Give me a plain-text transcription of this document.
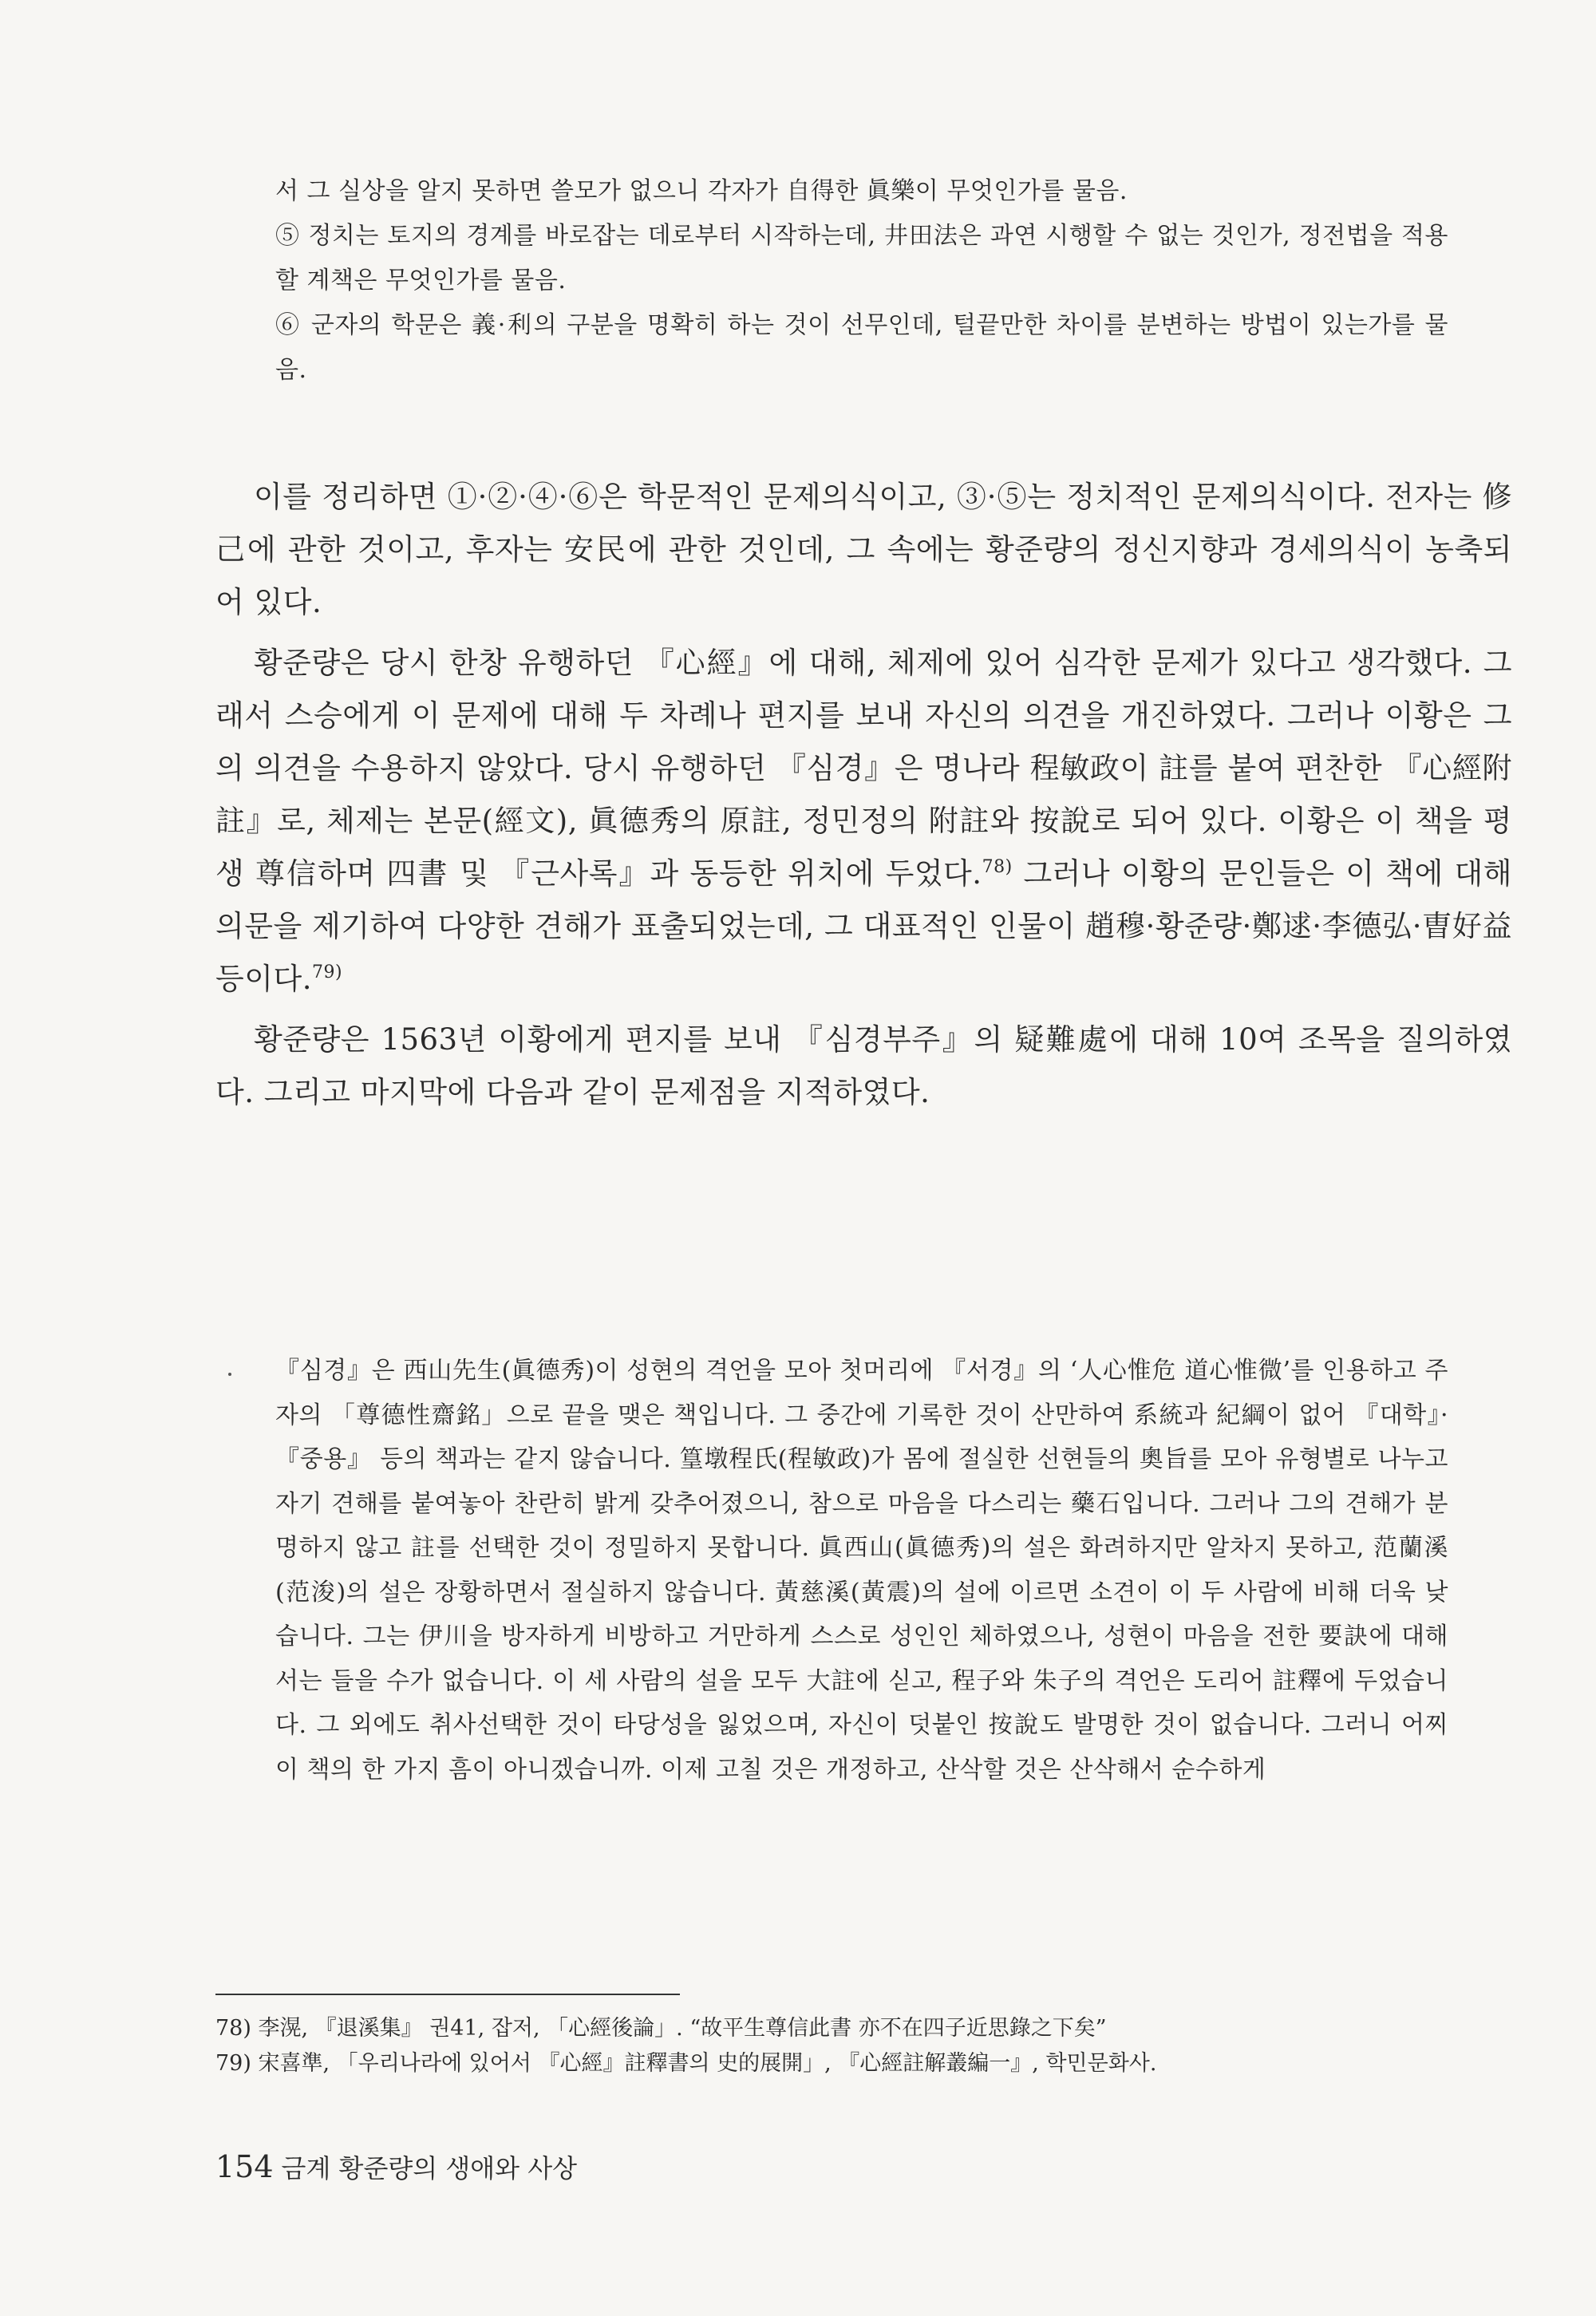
서 그 실상을 알지 못하면 쓸모가 없으니 각자가 自得한 眞樂이 무엇인가를 물음.

⑤ 정치는 토지의 경계를 바로잡는 데로부터 시작하는데, 井田法은 과연 시행할 수 없는 것인가, 정전법을 적용할 계책은 무엇인가를 물음.

⑥ 군자의 학문은 義·利의 구분을 명확히 하는 것이 선무인데, 털끝만한 차이를 분변하는 방법이 있는가를 물음.

이를 정리하면 ①·②·④·⑥은 학문적인 문제의식이고, ③·⑤는 정치적인 문제의식이다. 전자는 修己에 관한 것이고, 후자는 安民에 관한 것인데, 그 속에는 황준량의 정신지향과 경세의식이 농축되어 있다.

황준량은 당시 한창 유행하던 『心經』에 대해, 체제에 있어 심각한 문제가 있다고 생각했다. 그래서 스승에게 이 문제에 대해 두 차례나 편지를 보내 자신의 의견을 개진하였다. 그러나 이황은 그의 의견을 수용하지 않았다. 당시 유행하던 『심경』은 명나라 程敏政이 註를 붙여 편찬한 『心經附註』로, 체제는 본문(經文), 眞德秀의 原註, 정민정의 附註와 按說로 되어 있다. 이황은 이 책을 평생 尊信하며 四書 및 『근사록』과 동등한 위치에 두었다.$^{78)}$ 그러나 이황의 문인들은 이 책에 대해 의문을 제기하여 다양한 견해가 표출되었는데, 그 대표적인 인물이 趙穆·황준량·鄭逑·李德弘·曺好益 등이다.$^{79)}$

황준량은 1563년 이황에게 편지를 보내 『심경부주』의 疑難處에 대해 10여 조목을 질의하였다. 그리고 마지막에 다음과 같이 문제점을 지적하였다.

『심경』은 西山先生(眞德秀)이 성현의 격언을 모아 첫머리에 『서경』의 ‘人心惟危 道心惟微’를 인용하고 주자의 「尊德性齋銘」으로 끝을 맺은 책입니다. 그 중간에 기록한 것이 산만하여 系統과 紀綱이 없어 『대학』·『중용』 등의 책과는 같지 않습니다. 篁墩程氏(程敏政)가 몸에 절실한 선현들의 奧旨를 모아 유형별로 나누고 자기 견해를 붙여놓아 찬란히 밝게 갖추어졌으니, 참으로 마음을 다스리는 藥石입니다. 그러나 그의 견해가 분명하지 않고 註를 선택한 것이 정밀하지 못합니다. 眞西山(眞德秀)의 설은 화려하지만 알차지 못하고, 范蘭溪(范浚)의 설은 장황하면서 절실하지 않습니다. 黃慈溪(黃震)의 설에 이르면 소견이 이 두 사람에 비해 더욱 낮습니다. 그는 伊川을 방자하게 비방하고 거만하게 스스로 성인인 체하였으나, 성현이 마음을 전한 要訣에 대해서는 들을 수가 없습니다. 이 세 사람의 설을 모두 大註에 싣고, 程子와 朱子의 격언은 도리어 註釋에 두었습니다. 그 외에도 취사선택한 것이 타당성을 잃었으며, 자신이 덧붙인 按說도 발명한 것이 없습니다. 그러니 어찌 이 책의 한 가지 흠이 아니겠습니까. 이제 고칠 것은 개정하고, 산삭할 것은 산삭해서 순수하게

78) 李滉, 『退溪集』 권41, 잡저, 「心經後論」. “故平生尊信此書 亦不在四子近思錄之下矣”

79) 宋喜準, 「우리나라에 있어서 『心經』註釋書의 史的展開」, 『心經註解叢編一』, 학민문화사.

154 금계 황준량의 생애와 사상
